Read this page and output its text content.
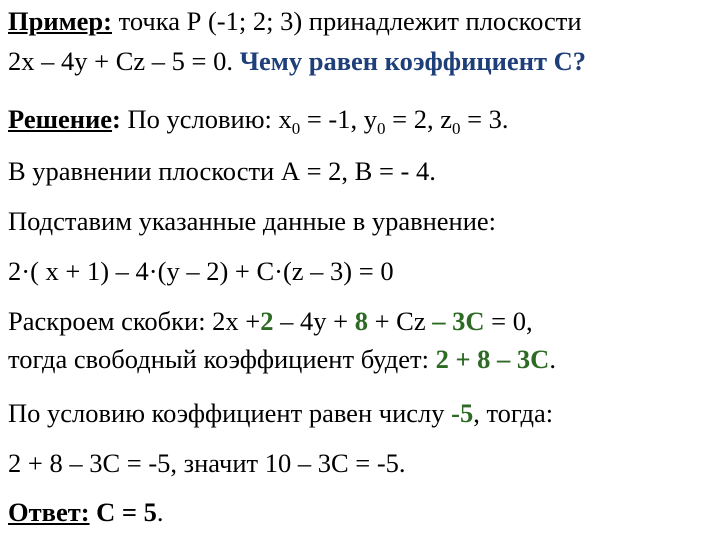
Пример: точка Р (-1; 2; 3) принадлежит плоскости
2х – 4у + Cz – 5 = 0. Чему равен коэффициент С?
Решение: По условию: $х_0 = -1$, $у_0 = 2$, $z_0 = 3$.
В уравнении плоскости А = 2, В = - 4.
Подставим указанные данные в уравнение:
2·( х + 1) – 4·(у – 2) + С·(z – 3) = 0
Раскроем скобки: 2х +2 – 4у + 8 + Cz – 3С = 0,
тогда свободный коэффициент будет: 2 + 8 – 3С.
По условию коэффициент равен числу -5, тогда:
2 + 8 – 3С = -5, значит 10 – 3С = -5.
Ответ: С = 5.
